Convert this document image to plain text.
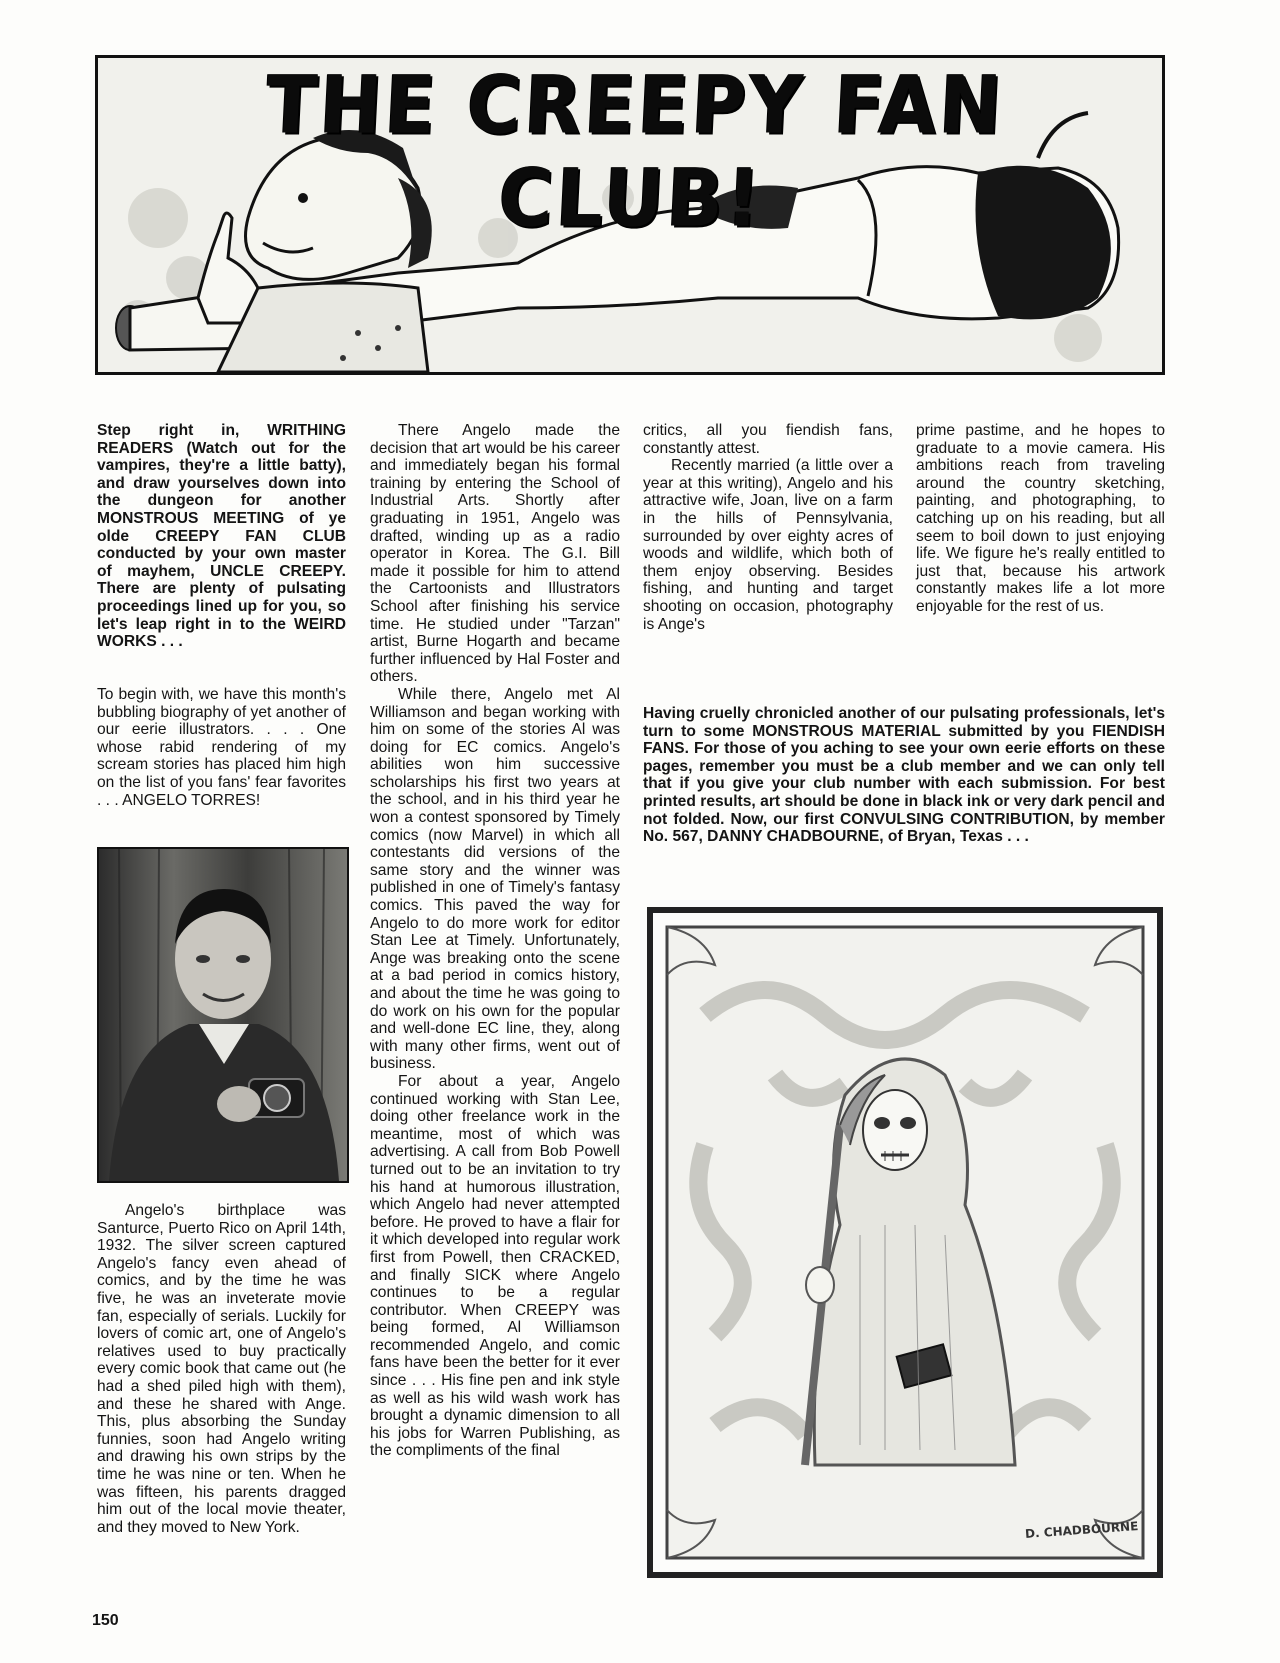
THE CREEPY FAN CLUB!

Step right in, WRITHING READERS (Watch out for the vampires, they're a little batty), and draw yourselves down into the dungeon for another MONSTROUS MEETING of ye olde CREEPY FAN CLUB conducted by your own master of mayhem, UNCLE CREEPY. There are plenty of pulsating proceedings lined up for you, so let's leap right in to the WEIRD WORKS . . .

To begin with, we have this month's bubbling biography of yet another of our eerie illustrators. . . . One whose rabid rendering of my scream stories has placed him high on the list of you fans' fear favorites . . . ANGELO TORRES!

Angelo's birthplace was Santurce, Puerto Rico on April 14th, 1932. The silver screen captured Angelo's fancy even ahead of comics, and by the time he was five, he was an inveterate movie fan, especially of serials. Luckily for lovers of comic art, one of Angelo's relatives used to buy practically every comic book that came out (he had a shed piled high with them), and these he shared with Ange. This, plus absorbing the Sunday funnies, soon had Angelo writing and drawing his own strips by the time he was nine or ten. When he was fifteen, his parents dragged him out of the local movie theater, and they moved to New York.

There Angelo made the decision that art would be his career and immediately began his formal training by entering the School of Industrial Arts. Shortly after graduating in 1951, Angelo was drafted, winding up as a radio operator in Korea. The G.I. Bill made it possible for him to attend the Cartoonists and Illustrators School after finishing his service time. He studied under "Tarzan" artist, Burne Hogarth and became further influenced by Hal Foster and others.

While there, Angelo met Al Williamson and began working with him on some of the stories Al was doing for EC comics. Angelo's abilities won him successive scholarships his first two years at the school, and in his third year he won a contest sponsored by Timely comics (now Marvel) in which all contestants did versions of the same story and the winner was published in one of Timely's fantasy comics. This paved the way for Angelo to do more work for editor Stan Lee at Timely. Unfortunately, Ange was breaking onto the scene at a bad period in comics history, and about the time he was going to do work on his own for the popular and well-done EC line, they, along with many other firms, went out of business.

For about a year, Angelo continued working with Stan Lee, doing other freelance work in the meantime, most of which was advertising. A call from Bob Powell turned out to be an invitation to try his hand at humorous illustration, which Angelo had never attempted before. He proved to have a flair for it which developed into regular work first from Powell, then CRACKED, and finally SICK where Angelo continues to be a regular contributor. When CREEPY was being formed, Al Williamson recommended Angelo, and comic fans have been the better for it ever since . . . His fine pen and ink style as well as his wild wash work has brought a dynamic dimension to all his jobs for Warren Publishing, as the compliments of the final

critics, all you fiendish fans, constantly attest.

Recently married (a little over a year at this writing), Angelo and his attractive wife, Joan, live on a farm in the hills of Pennsylvania, surrounded by over eighty acres of woods and wildlife, which both of them enjoy observing. Besides fishing, and hunting and target shooting on occasion, photography is Ange's

prime pastime, and he hopes to graduate to a movie camera. His ambitions reach from traveling around the country sketching, painting, and photographing, to catching up on his reading, but all seem to boil down to just enjoying life. We figure he's really entitled to just that, because his artwork constantly makes life a lot more enjoyable for the rest of us.

Having cruelly chronicled another of our pulsating professionals, let's turn to some MONSTROUS MATERIAL submitted by you FIENDISH FANS. For those of you aching to see your own eerie efforts on these pages, remember you must be a club member and we can only tell that if you give your club number with each submission. For best printed results, art should be done in black ink or very dark pencil and not folded. Now, our first CONVULSING CONTRIBUTION, by member No. 567, DANNY CHADBOURNE, of Bryan, Texas . . .

D. CHADBOURNE
150
